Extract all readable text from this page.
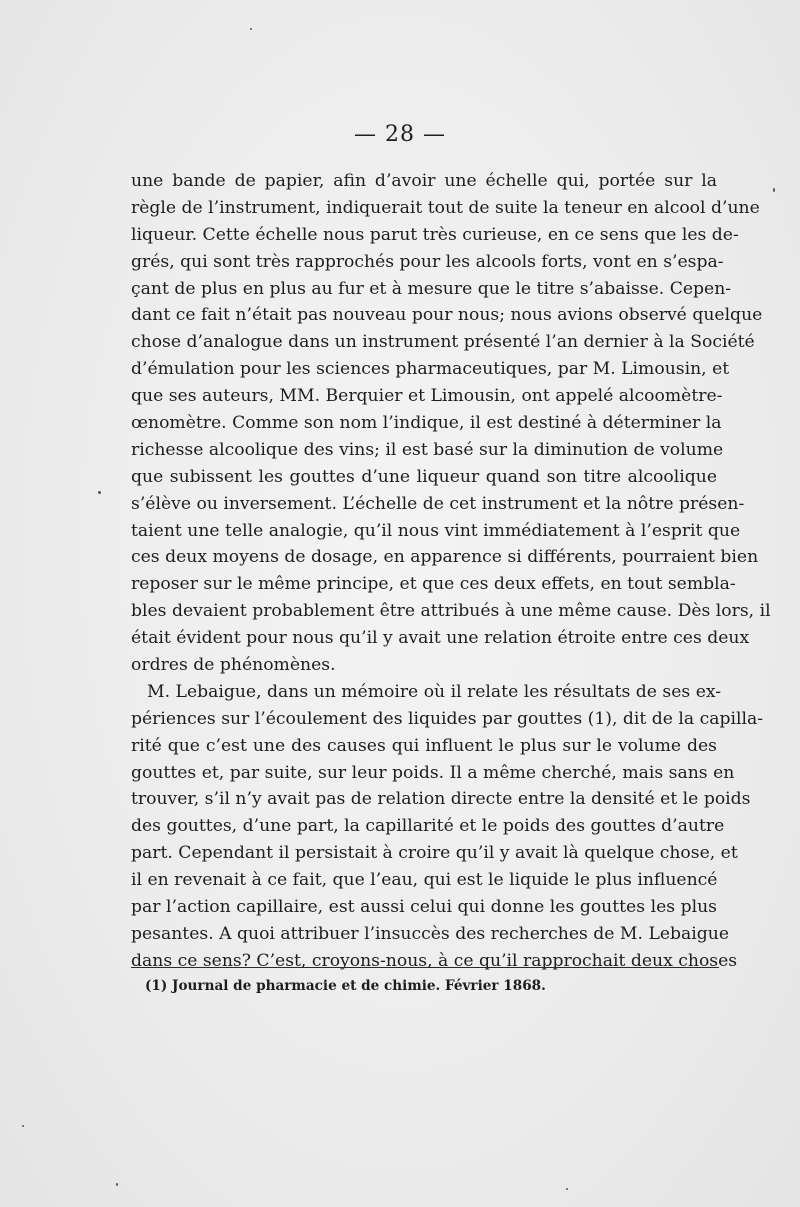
— 28 —
une bande de papier, afin d’avoir une échelle qui, portée sur la
règle de l’instrument, indiquerait tout de suite la teneur en alcool d’une
liqueur. Cette échelle nous parut très curieuse, en ce sens que les de-
grés, qui sont très rapprochés pour les alcools forts, vont en s’espa-
çant de plus en plus au fur et à mesure que le titre s’abaisse. Cepen-
dant ce fait n’était pas nouveau pour nous; nous avions observé quelque
chose d’analogue dans un instrument présenté l’an dernier à la Société
d’émulation pour les sciences pharmaceutiques, par M. Limousin, et
que ses auteurs, MM. Berquier et Limousin, ont appelé alcoomètre-
œnomètre. Comme son nom l’indique, il est destiné à déterminer la
richesse alcoolique des vins; il est basé sur la diminution de volume
que subissent les gouttes d’une liqueur quand son titre alcoolique
s’élève ou inversement. L’échelle de cet instrument et la nôtre présen-
taient une telle analogie, qu’il nous vint immédiatement à l’esprit que
ces deux moyens de dosage, en apparence si différents, pourraient bien
reposer sur le même principe, et que ces deux effets, en tout sembla-
bles devaient probablement être attribués à une même cause. Dès lors, il
était évident pour nous qu’il y avait une relation étroite entre ces deux
ordres de phénomènes.
M. Lebaigue, dans un mémoire où il relate les résultats de ses ex-
périences sur l’écoulement des liquides par gouttes (1), dit de la capilla-
rité que c’est une des causes qui influent le plus sur le volume des
gouttes et, par suite, sur leur poids. Il a même cherché, mais sans en
trouver, s’il n’y avait pas de relation directe entre la densité et le poids
des gouttes, d’une part, la capillarité et le poids des gouttes d’autre
part. Cependant il persistait à croire qu’il y avait là quelque chose, et
il en revenait à ce fait, que l’eau, qui est le liquide le plus influencé
par l’action capillaire, est aussi celui qui donne les gouttes les plus
pesantes. A quoi attribuer l’insuccès des recherches de M. Lebaigue
dans ce sens? C’est, croyons-nous, à ce qu’il rapprochait deux choses
(1) Journal de pharmacie et de chimie. Février 1868.
